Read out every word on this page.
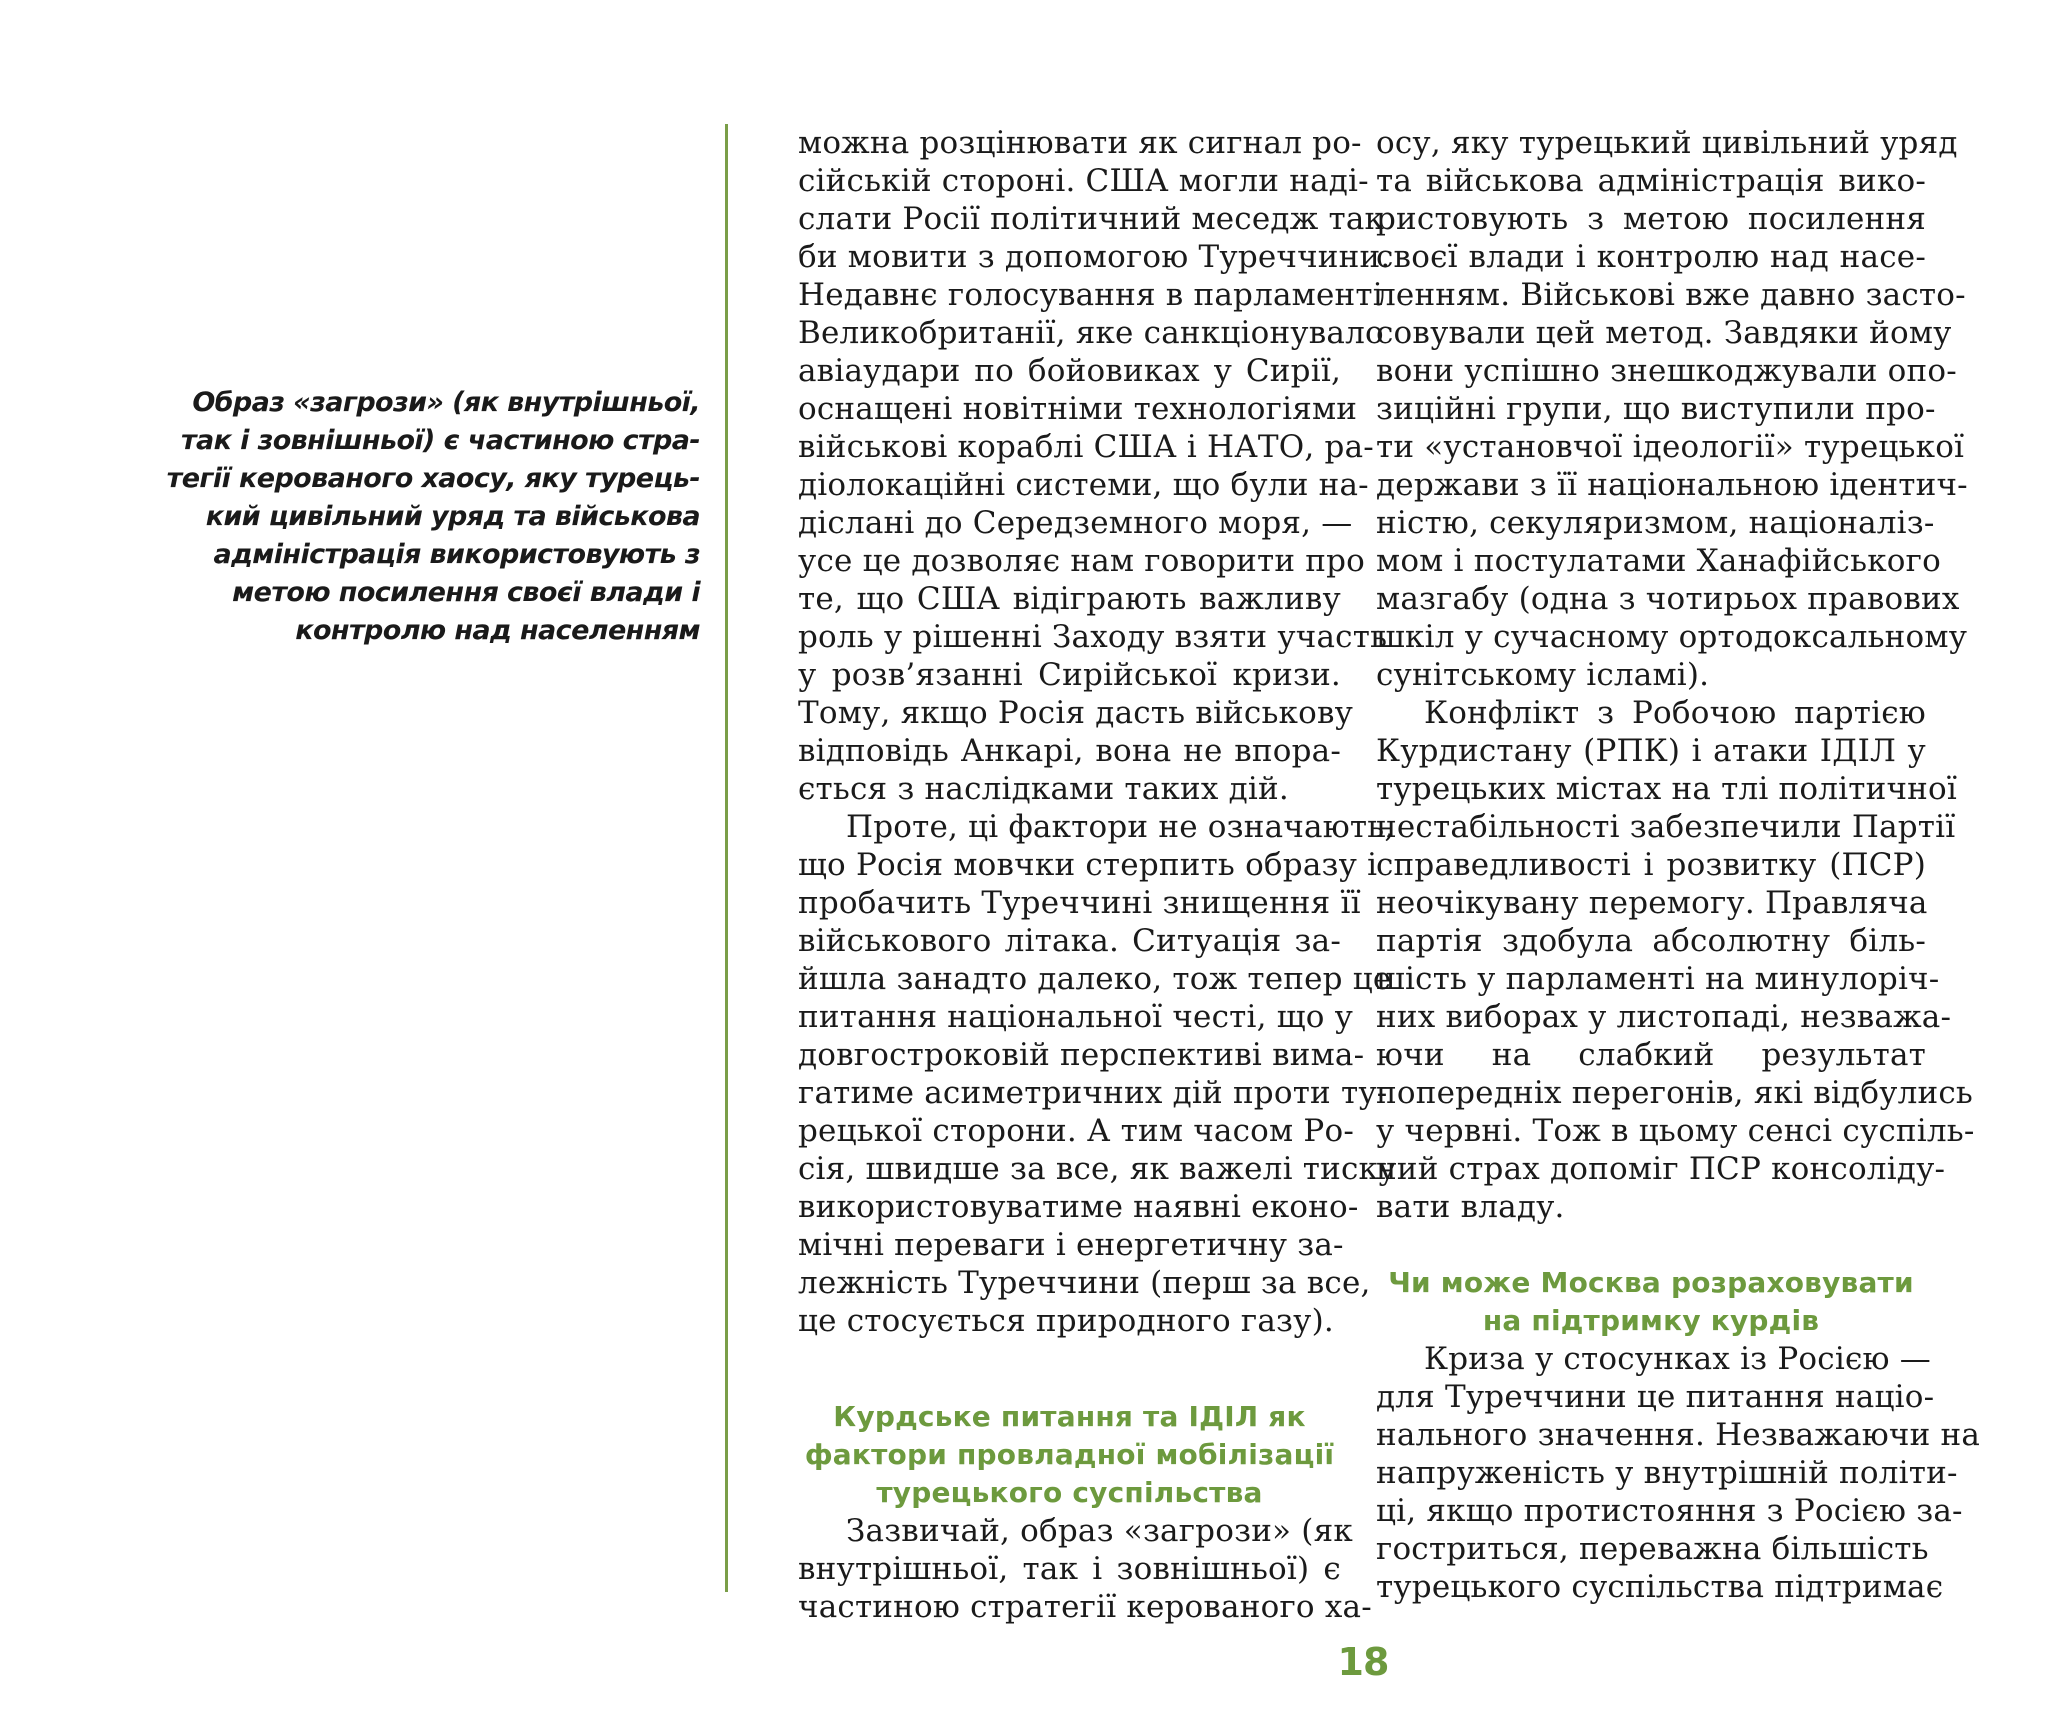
Образ «загрози» (як внутрішньої,
так і зовнішньої) є частиною стра-
тегії керованого хаосу, яку турець-
кий цивільний уряд та військова
адміністрація використовують з
метою посилення своєї влади і
контролю над населенням
можна розцінювати як сигнал ро-
сійській стороні. США могли наді-
слати Росії політичний меседж так
би мовити з допомогою Туреччини.
Недавнє голосування в парламенті
Великобританії, яке санкціонувало
авіаудари по бойовиках у Сирії,
оснащені новітніми технологіями
військові кораблі США і НАТО, ра-
діолокаційні системи, що були на-
діслані до Середземного моря, —
усе це дозволяє нам говорити про
те, що США відіграють важливу
роль у рішенні Заходу взяти участь
у розв’язанні Сирійської кризи.
Тому, якщо Росія дасть військову
відповідь Анкарі, вона не впора-
ється з наслідками таких дій.
Проте, ці фактори не означають,
що Росія мовчки стерпить образу і
пробачить Туреччині знищення її
військового літака. Ситуація за-
йшла занадто далеко, тож тепер це
питання національної честі, що у
довгостроковій перспективі вима-
гатиме асиметричних дій проти ту-
рецької сторони. А тим часом Ро-
сія, швидше за все, як важелі тиску
використовуватиме наявні еконо-
мічні переваги і енергетичну за-
лежність Туреччини (перш за все,
це стосується природного газу).
Курдське питання та ІДІЛ як
фактори провладної мобілізації
турецького суспільства
Зазвичай, образ «загрози» (як
внутрішньої, так і зовнішньої) є
частиною стратегії керованого ха-
осу, яку турецький цивільний уряд
та військова адміністрація вико-
ристовують з метою посилення
своєї влади і контролю над насе-
ленням. Військові вже давно засто-
совували цей метод. Завдяки йому
вони успішно знешкоджували опо-
зиційні групи, що виступили про-
ти «установчої ідеології» турецької
держави з її національною ідентич-
ністю, секуляризмом, націоналіз-
мом і постулатами Ханафійського
мазгабу (одна з чотирьох правових
шкіл у сучасному ортодоксальному
сунітському ісламі).
Конфлікт з Робочою партією
Курдистану (РПК) і атаки ІДІЛ у
турецьких містах на тлі політичної
нестабільності забезпечили Партії
справедливості і розвитку (ПСР)
неочікувану перемогу. Правляча
партія здобула абсолютну біль-
шість у парламенті на минулоріч-
них виборах у листопаді, незважа-
ючи на слабкий результат
попередніх перегонів, які відбулись
у червні. Тож в цьому сенсі суспіль-
ний страх допоміг ПСР консоліду-
вати владу.
Чи може Москва розраховувати
на підтримку курдів
Криза у стосунках із Росією —
для Туреччини це питання націо-
нального значення. Незважаючи на
напруженість у внутрішній політи-
ці, якщо протистояння з Росією за-
гостриться, переважна більшість
турецького суспільства підтримає
18
